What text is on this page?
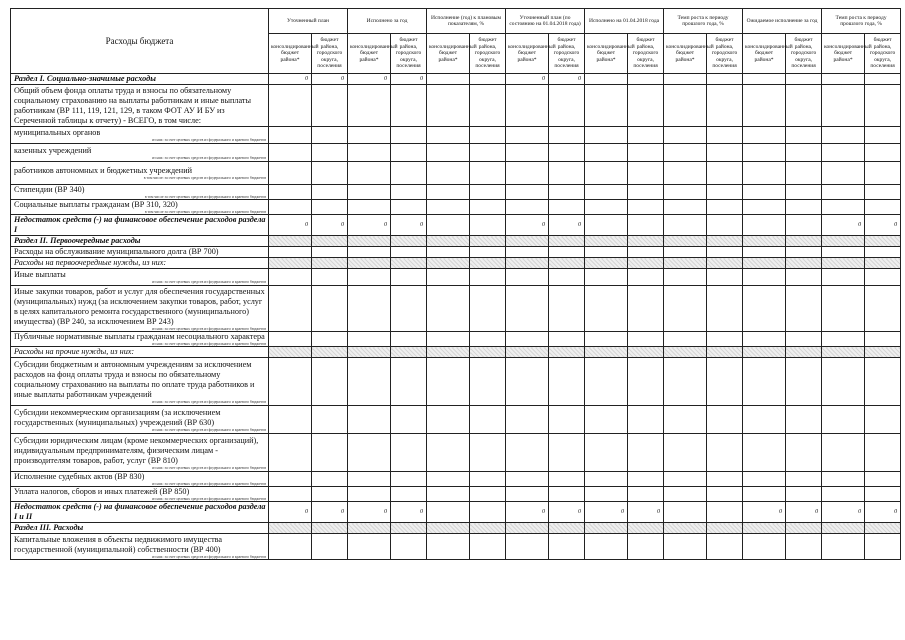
Расходы бюджета	Уточненный план		Исполнено за год		Исполнение (год) к плановым показателям, %		Уточненный план (по состоянию на 01.04.2018 года)		Исполнено на 01.04.2018 года		Темп роста к периоду прошлого года, %		Ожидаемое исполнение за год		Темп роста к периоду прошлого года, %	
	консолидированный бюджет района*	бюджет района, городского округа, поселения	консолидированный бюджет района*	бюджет района, городского округа, поселения	консолидированный бюджет района*	бюджет района, городского округа, поселения	консолидированный бюджет района*	бюджет района, городского округа, поселения	консолидированный бюджет района*	бюджет района, городского округа, поселения	консолидированный бюджет района*	бюджет района, городского округа, поселения	консолидированный бюджет района*	бюджет района, городского округа, поселения	консолидированный бюджет района*	бюджет района, городского округа, поселения
Раздел I. Социально-значимые расходы	0	0	0	0			0	0								
Общий объем фонда оплаты труда и взносы по обязательному социальному страхованию на выплаты работникам и иные выплаты работникам (ВР 111, 119, 121, 129, в таком ФОТ АУ И БУ из Сереченной таблицы к отчету) - ВСЕГО, в том числе:																
муниципальных органов
из них: за счет целевых средств из федерального и краевого бюджетов																

казенных учреждений
из них: за счет целевых средств из федерального и краевого бюджетов																

работников автономных и бюджетных учреждений
в том числе: за счет целевых средств из федерального и краевого бюджетов																

Стипендии (ВР 340)
в том числе за счет целевых средств из федерального и краевого бюджетов																

Социальные выплаты гражданам (ВР 310, 320)
в том числе за счет целевых средств из федерального и краевого бюджетов																

Недостаток средств (-) на финансовое обеспечение расходов раздела I	0	0	0	0			0	0							0	0
Раздел II. Первоочередные расходы																
Расходы на обслуживание муниципального долга (ВР 700)																
Расходы на первоочередные нужды, из них:																
Иные выплаты
из них: за счет целевых средств из федерального и краевого бюджетов																

Иные закупки товаров, работ и услуг для обеспечения государственных (муниципальных) нужд (за исключением закупки товаров, работ, услуг в целях капитального ремонта государственного (муниципального) имущества) (ВР 240, за исключением ВР 243)
из них: за счет целевых средств из федерального и краевого бюджетов																

Публичные нормативные выплаты гражданам несоциального характера
из них: за счет целевых средств из федерального и краевого бюджетов																

Расходы на прочие нужды, из них:																
Субсидии бюджетным и автономным учреждениям за исключением расходов на фонд оплаты труда и взносы по обязательному социальному страхованию на выплаты по оплате труда работников и иные выплаты работникам учреждений
из них: за счет целевых средств из федерального и краевого бюджетов																

Субсидии некоммерческим организациям (за исключением государственных (муниципальных) учреждений (ВР 630)
из них: за счет целевых средств из федерального и краевого бюджетов																

Субсидии юридическим лицам (кроме некоммерческих организаций), индивидуальным предпринимателям, физическим лицам - производителям товаров, работ, услуг (ВР 810)
из них: за счет целевых средств из федерального и краевого бюджетов																

Исполнение судебных актов (ВР 830)
из них: за счет целевых средств из федерального и краевого бюджетов																

Уплата налогов, сборов и иных платежей (ВР 850)
из них: за счет целевых средств из федерального и краевого бюджетов																

Недостаток средств (-) на финансовое обеспечение расходов раздела I и II	0	0	0	0			0	0	0	0			0	0	0	0
Раздел III. Расходы																
Капитальные вложения в объекты недвижимого имущества государственной (муниципальной) собственности (ВР 400)
из них: за счет целевых средств из федерального и краевого бюджетов																
